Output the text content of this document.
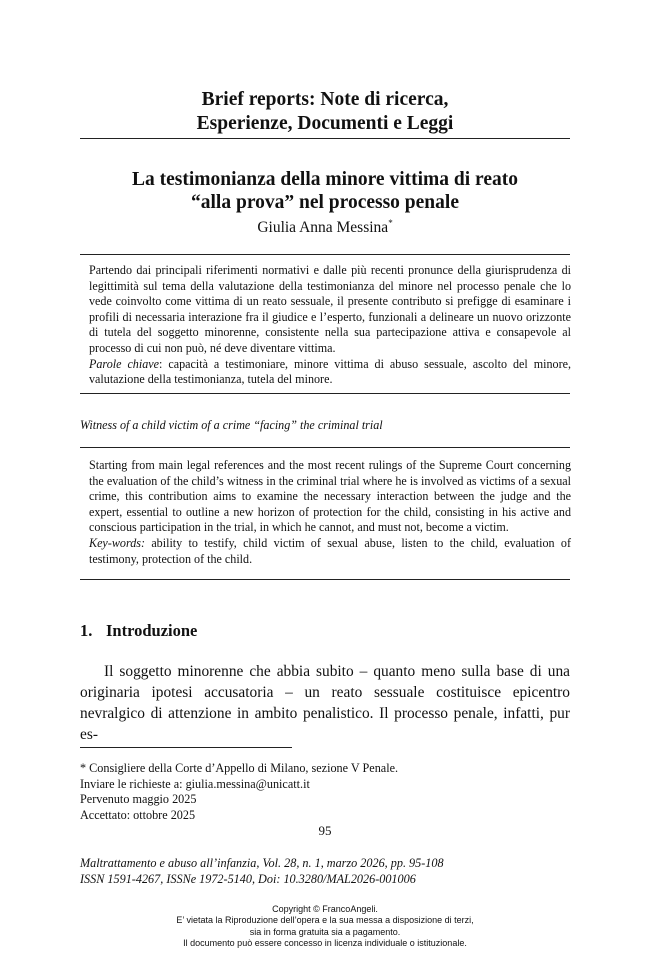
Brief reports: Note di ricerca,
Esperienze, Documenti e Leggi
La testimonianza della minore vittima di reato
“alla prova” nel processo penale
Giulia Anna Messina*
Partendo dai principali riferimenti normativi e dalle più recenti pronunce della giurisprudenza di legittimità sul tema della valutazione della testimonianza del minore nel processo penale che lo vede coinvolto come vittima di un reato sessuale, il presente contributo si prefigge di esaminare i profili di necessaria interazione fra il giudice e l’esperto, funzionali a delineare un nuovo orizzonte di tutela del soggetto minorenne, consistente nella sua partecipazione attiva e consapevole al processo di cui non può, né deve diventare vittima.
Parole chiave: capacità a testimoniare, minore vittima di abuso sessuale, ascolto del minore, valutazione della testimonianza, tutela del minore.
Witness of a child victim of a crime “facing” the criminal trial
Starting from main legal references and the most recent rulings of the Supreme Court concerning the evaluation of the child’s witness in the criminal trial where he is involved as victims of a sexual crime, this contribution aims to examine the necessary interaction between the judge and the expert, essential to outline a new horizon of protection for the child, consisting in his active and conscious participation in the trial, in which he cannot, and must not, become a victim.
Key-words: ability to testify, child victim of sexual abuse, listen to the child, evaluation of testimony, protection of the child.
1. Introduzione
Il soggetto minorenne che abbia subito – quanto meno sulla base di una originaria ipotesi accusatoria – un reato sessuale costituisce epicentro nevralgico di attenzione in ambito penalistico. Il processo penale, infatti, pur es-
* Consigliere della Corte d’Appello di Milano, sezione V Penale.
Inviare le richieste a: giulia.messina@unicatt.it
Pervenuto maggio 2025
Accettato: ottobre 2025
95
Maltrattamento e abuso all’infanzia, Vol. 28, n. 1, marzo 2026, pp. 95-108
ISSN 1591-4267, ISSNe 1972-5140, Doi: 10.3280/MAL2026-001006
Copyright © FrancoAngeli.
E’ vietata la Riproduzione dell’opera e la sua messa a disposizione di terzi,
sia in forma gratuita sia a pagamento.
Il documento può essere concesso in licenza individuale o istituzionale.
